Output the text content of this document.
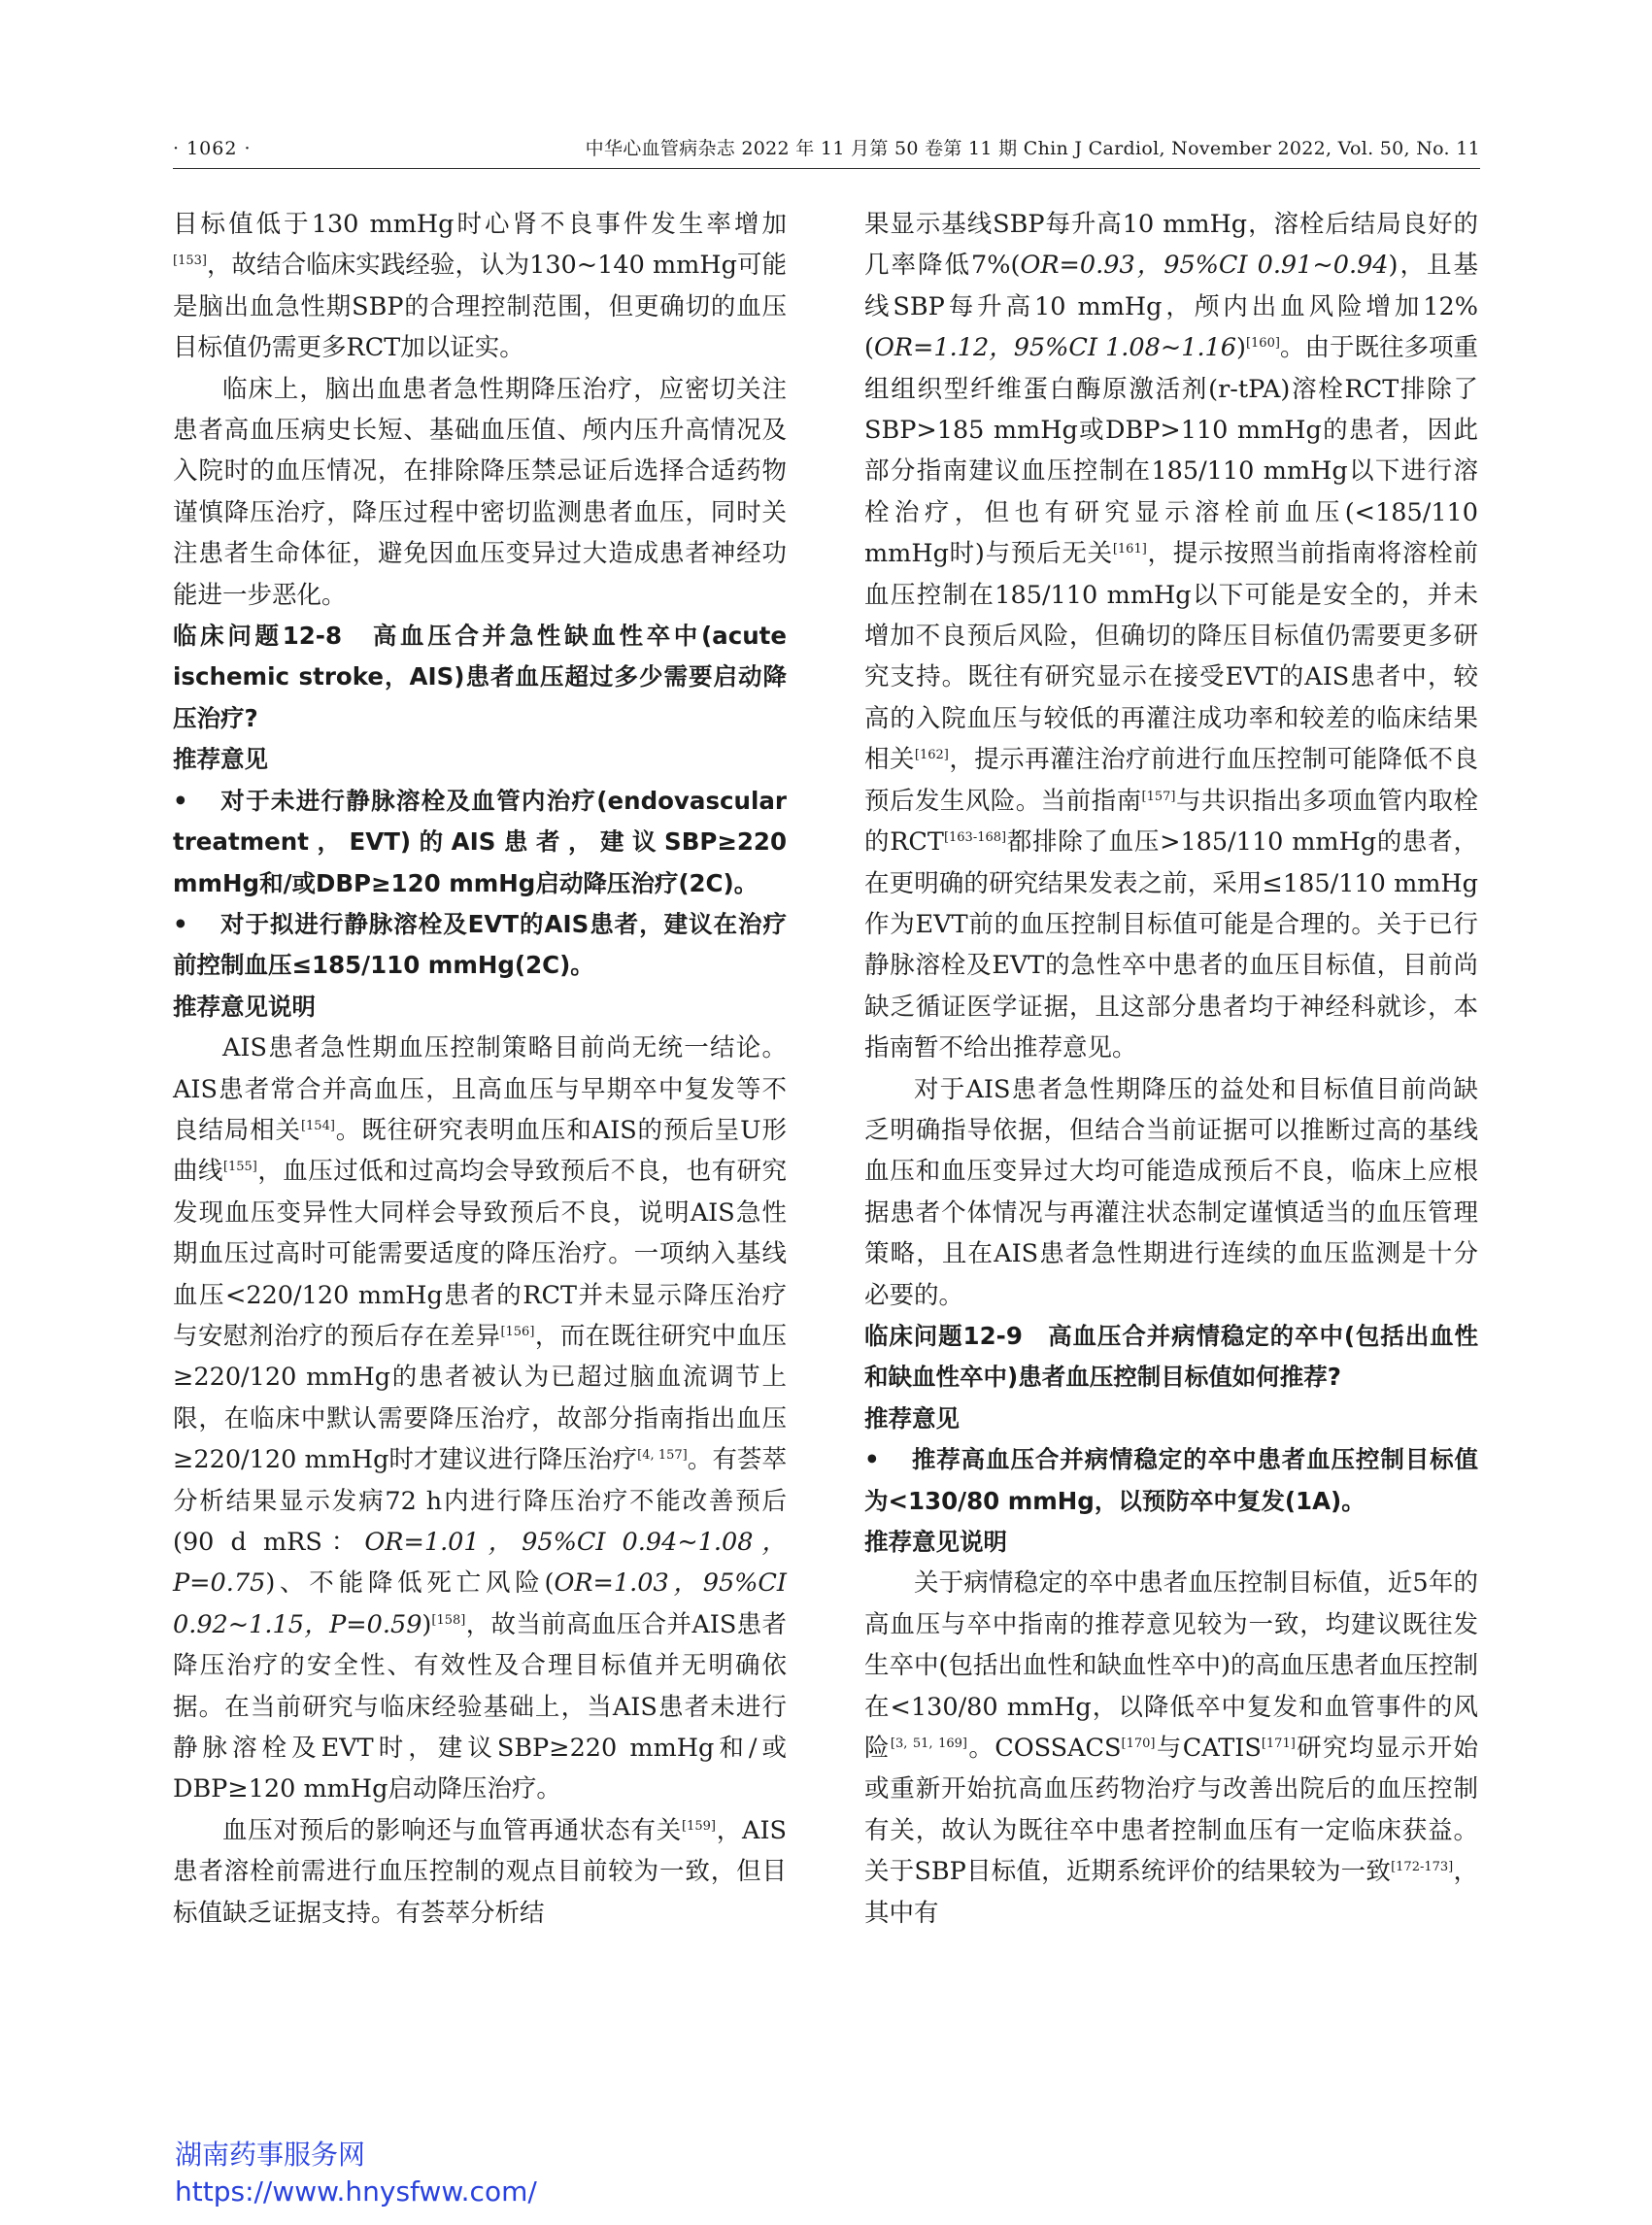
· 1062 ·	中华心血管病杂志 2022 年 11 月第 50 卷第 11 期 Chin J Cardiol, November 2022, Vol. 50, No. 11

目标值低于130 mmHg时心肾不良事件发生率增加[153]，故结合临床实践经验，认为130~140 mmHg可能是脑出血急性期SBP的合理控制范围，但更确切的血压目标值仍需更多RCT加以证实。

临床上，脑出血患者急性期降压治疗，应密切关注患者高血压病史长短、基础血压值、颅内压升高情况及入院时的血压情况，在排除降压禁忌证后选择合适药物谨慎降压治疗，降压过程中密切监测患者血压，同时关注患者生命体征，避免因血压变异过大造成患者神经功能进一步恶化。

临床问题12-8　高血压合并急性缺血性卒中(acute ischemic stroke，AIS)患者血压超过多少需要启动降压治疗?

推荐意见

• 对于未进行静脉溶栓及血管内治疗(endovascular treatment，EVT)的AIS患者，建议SBP≥220 mmHg和/或DBP≥120 mmHg启动降压治疗(2C)。

• 对于拟进行静脉溶栓及EVT的AIS患者，建议在治疗前控制血压≤185/110 mmHg(2C)。

推荐意见说明

AIS患者急性期血压控制策略目前尚无统一结论。AIS患者常合并高血压，且高血压与早期卒中复发等不良结局相关[154]。既往研究表明血压和AIS的预后呈U形曲线[155]，血压过低和过高均会导致预后不良，也有研究发现血压变异性大同样会导致预后不良，说明AIS急性期血压过高时可能需要适度的降压治疗。一项纳入基线血压<220/120 mmHg患者的RCT并未显示降压治疗与安慰剂治疗的预后存在差异[156]，而在既往研究中血压≥220/120 mmHg的患者被认为已超过脑血流调节上限，在临床中默认需要降压治疗，故部分指南指出血压≥220/120 mmHg时才建议进行降压治疗[4, 157]。有荟萃分析结果显示发病72 h内进行降压治疗不能改善预后(90 d mRS：OR=1.01，95%CI 0.94~1.08，P=0.75)、不能降低死亡风险(OR=1.03，95%CI 0.92~1.15，P=0.59)[158]，故当前高血压合并AIS患者降压治疗的安全性、有效性及合理目标值并无明确依据。在当前研究与临床经验基础上，当AIS患者未进行静脉溶栓及EVT时，建议SBP≥220 mmHg和/或DBP≥120 mmHg启动降压治疗。

血压对预后的影响还与血管再通状态有关[159]，AIS患者溶栓前需进行血压控制的观点目前较为一致，但目标值缺乏证据支持。有荟萃分析结

果显示基线SBP每升高10 mmHg，溶栓后结局良好的几率降低7%(OR=0.93，95%CI 0.91~0.94)，且基线SBP每升高10 mmHg，颅内出血风险增加12%(OR=1.12，95%CI 1.08~1.16)[160]。由于既往多项重组组织型纤维蛋白酶原激活剂(r-tPA)溶栓RCT排除了SBP>185 mmHg或DBP>110 mmHg的患者，因此部分指南建议血压控制在185/110 mmHg以下进行溶栓治疗，但也有研究显示溶栓前血压(<185/110 mmHg时)与预后无关[161]，提示按照当前指南将溶栓前血压控制在185/110 mmHg以下可能是安全的，并未增加不良预后风险，但确切的降压目标值仍需要更多研究支持。既往有研究显示在接受EVT的AIS患者中，较高的入院血压与较低的再灌注成功率和较差的临床结果相关[162]，提示再灌注治疗前进行血压控制可能降低不良预后发生风险。当前指南[157]与共识指出多项血管内取栓的RCT[163-168]都排除了血压>185/110 mmHg的患者，在更明确的研究结果发表之前，采用≤185/110 mmHg作为EVT前的血压控制目标值可能是合理的。关于已行静脉溶栓及EVT的急性卒中患者的血压目标值，目前尚缺乏循证医学证据，且这部分患者均于神经科就诊，本指南暂不给出推荐意见。

对于AIS患者急性期降压的益处和目标值目前尚缺乏明确指导依据，但结合当前证据可以推断过高的基线血压和血压变异过大均可能造成预后不良，临床上应根据患者个体情况与再灌注状态制定谨慎适当的血压管理策略，且在AIS患者急性期进行连续的血压监测是十分必要的。

临床问题12-9　高血压合并病情稳定的卒中(包括出血性和缺血性卒中)患者血压控制目标值如何推荐?

推荐意见

• 推荐高血压合并病情稳定的卒中患者血压控制目标值为<130/80 mmHg，以预防卒中复发(1A)。

推荐意见说明

关于病情稳定的卒中患者血压控制目标值，近5年的高血压与卒中指南的推荐意见较为一致，均建议既往发生卒中(包括出血性和缺血性卒中)的高血压患者血压控制在<130/80 mmHg，以降低卒中复发和血管事件的风险[3, 51, 169]。COSSACS[170]与CATIS[171]研究均显示开始或重新开始抗高血压药物治疗与改善出院后的血压控制有关，故认为既往卒中患者控制血压有一定临床获益。关于SBP目标值，近期系统评价的结果较为一致[172-173]，其中有

湖南药事服务网
https://www.hnysfww.com/
